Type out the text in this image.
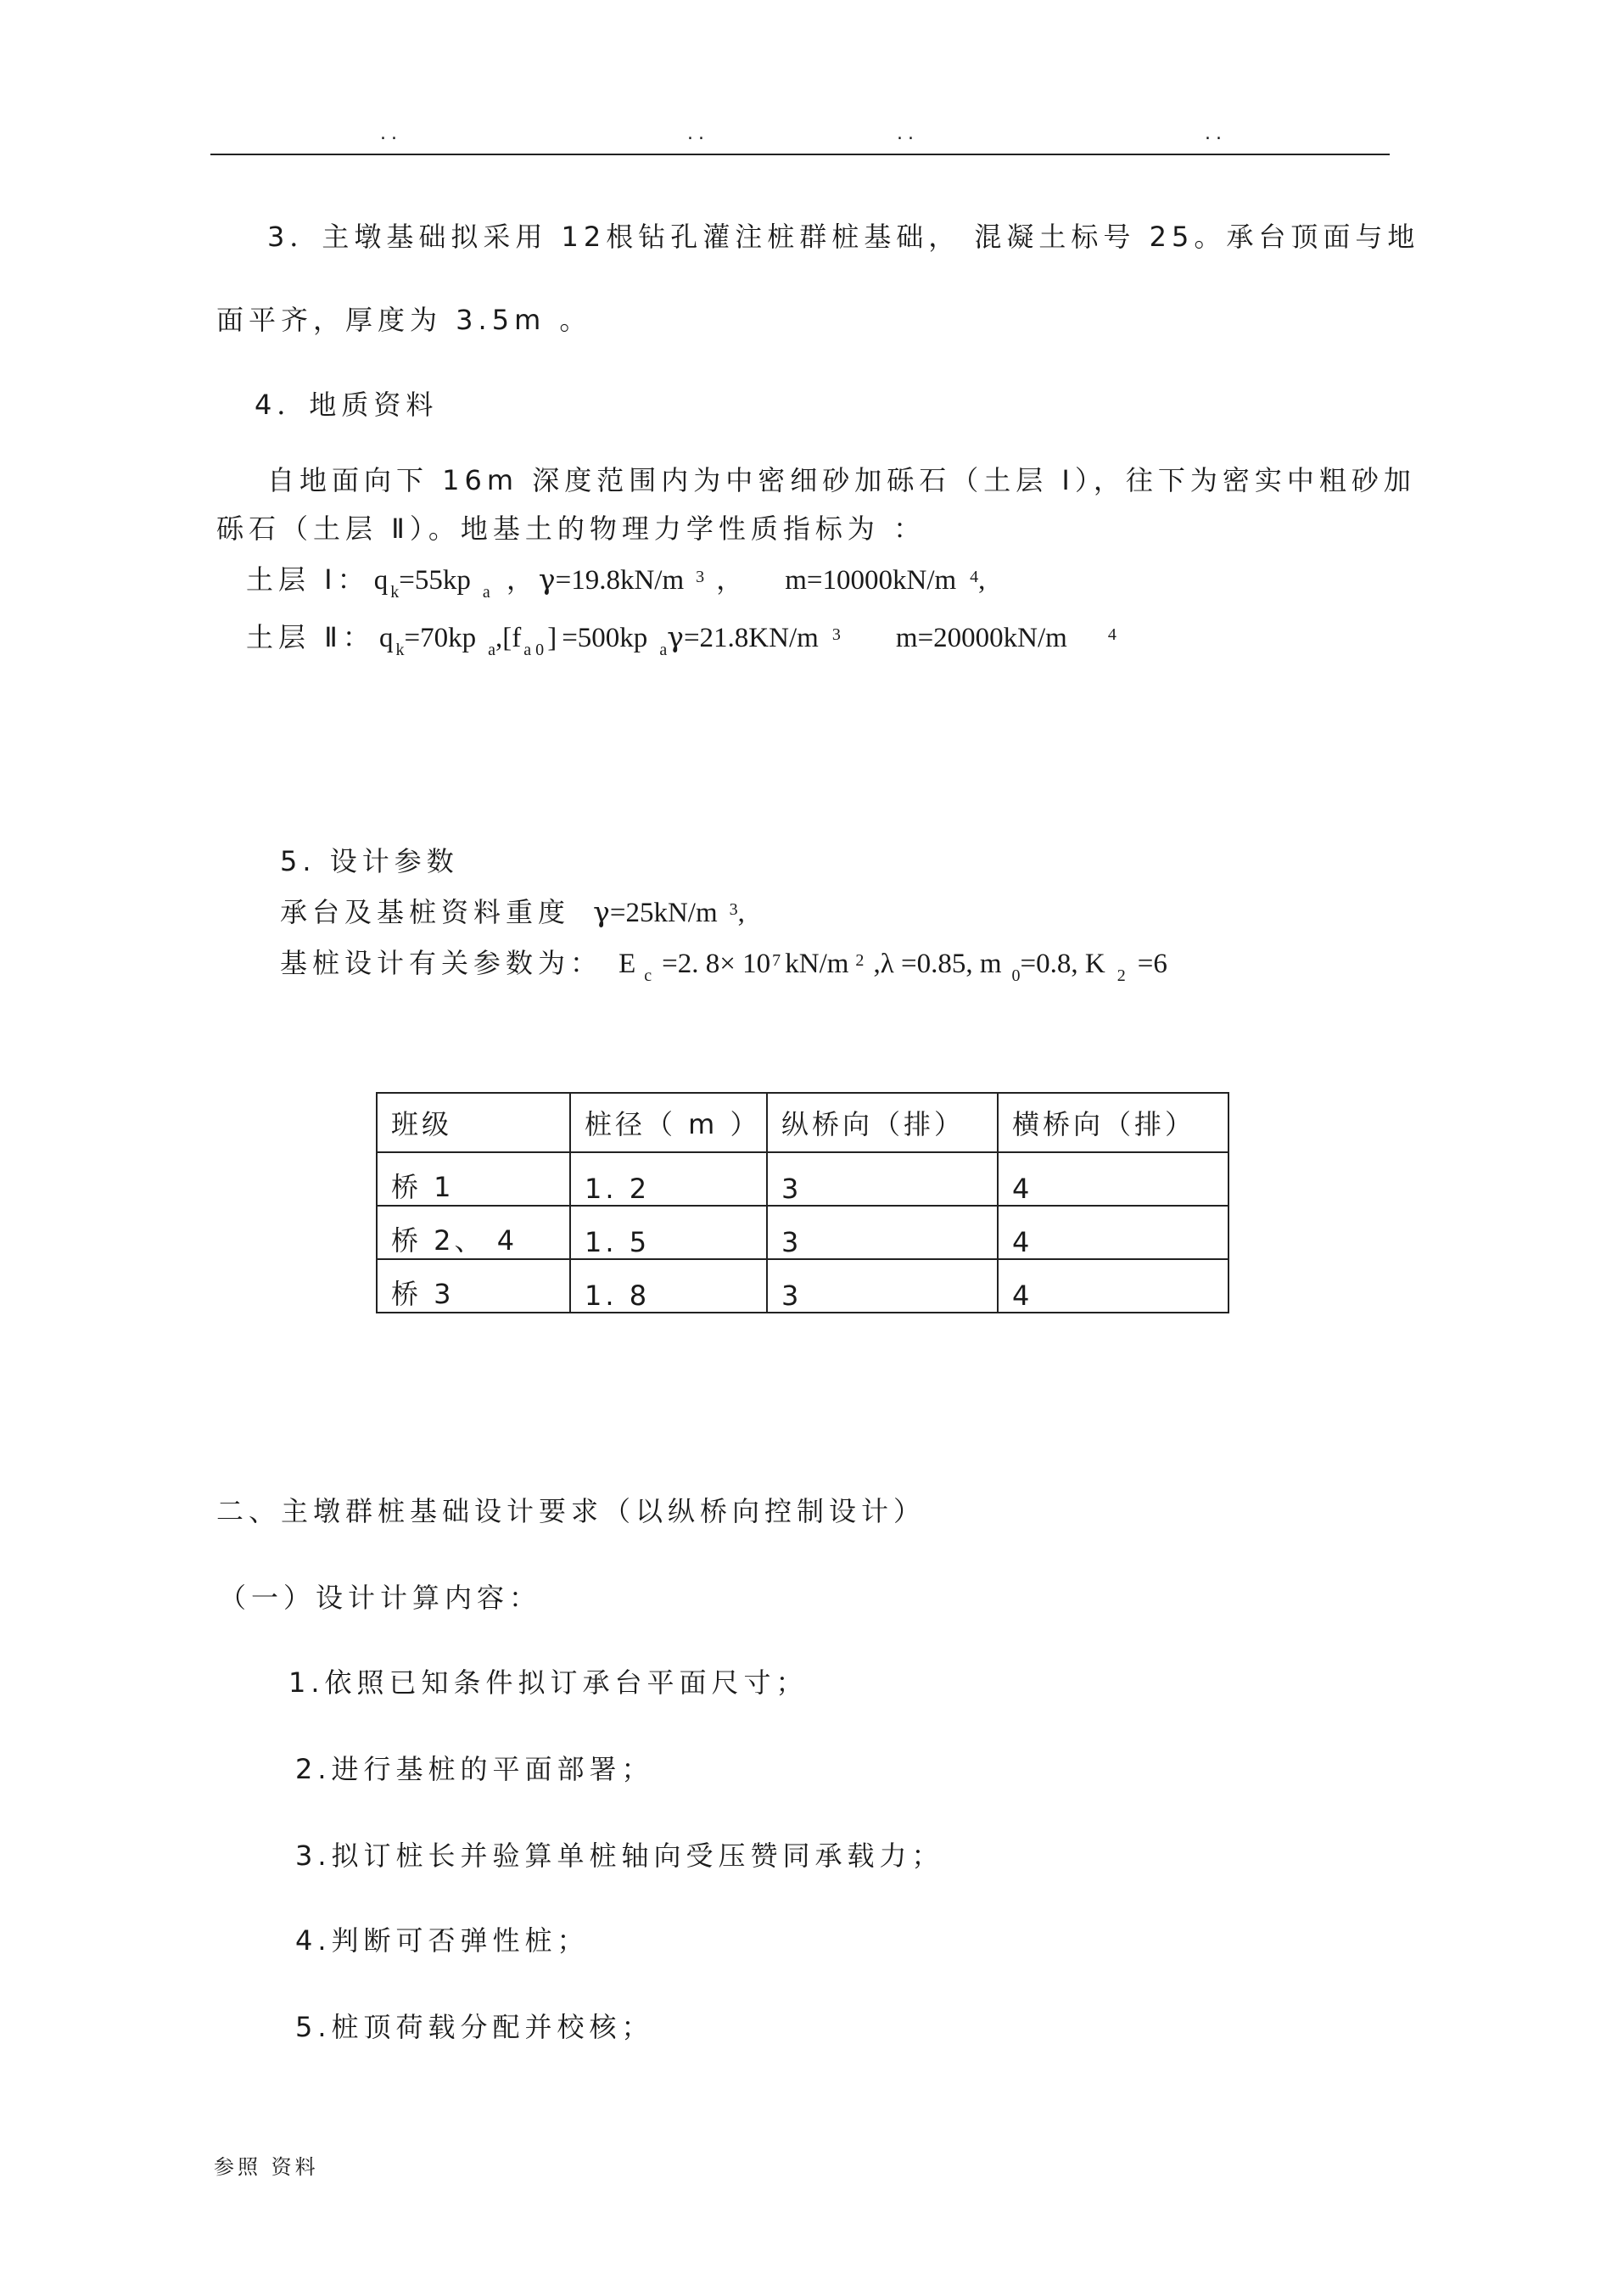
..	..	..	..
3．主墩基础拟采用 12根钻孔灌注桩群桩基础， 混凝土标号 25。承台顶面与地
面平齐，厚度为 3.5m 。
4．地质资料
自地面向下 16m 深度范围内为中密细砂加砾石（土层 Ⅰ），往下为密实中粗砂加
砾石（土层 Ⅱ）。地基土的物理力学性质指标为 ：
土层 Ⅰ： q k=55kp a ，γ=19.8kN/m 3 ， m=10000kN/m 4,
土层 Ⅱ： q k=70kp a,[f a 0 ] =500kp aγ=21.8KN/m 3 m=20000kN/m 4
5. 设计参数
承台及基桩资料重度 γ=25kN/m 3,
基桩设计有关参数为： E c =2. 8× 10 7 kN/m 2 ,λ =0.85, m 0=0.8, K 2 =6
班级	桩径（ m ）	纵桥向（排）	横桥向（排）
桥 1	1. 2	3	4
桥 2、 4	1. 5	3	4
桥 3	1. 8	3	4
二、主墩群桩基础设计要求（以纵桥向控制设计）
（一）设计计算内容：
1.依照已知条件拟订承台平面尺寸；
2.进行基桩的平面部署；
3.拟订桩长并验算单桩轴向受压赞同承载力；
4.判断可否弹性桩；
5.桩顶荷载分配并校核；
参照 资料
